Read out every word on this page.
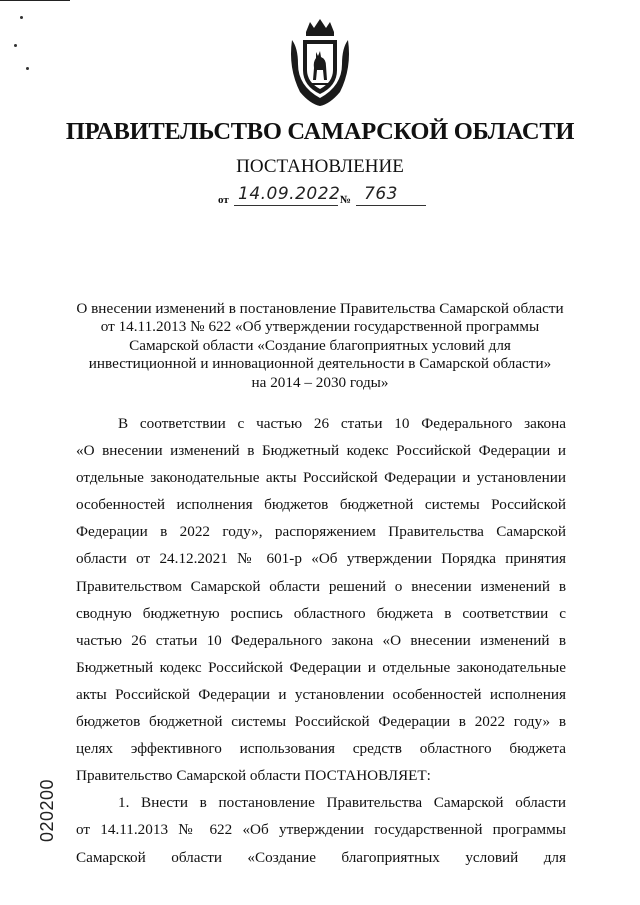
ПРАВИТЕЛЬСТВО САМАРСКОЙ ОБЛАСТИ
ПОСТАНОВЛЕНИЕ
от 14.09.2022 № 763
О внесении изменений в постановление Правительства Самарской области
от 14.11.2013 № 622 «Об утверждении государственной программы
Самарской области «Создание благоприятных условий для
инвестиционной и инновационной деятельности в Самарской области»
на 2014 – 2030 годы»
В соответствии с частью 26 статьи 10 Федерального закона
«О внесении изменений в Бюджетный кодекс Российской Федерации и
отдельные законодательные акты Российской Федерации и установлении
особенностей исполнения бюджетов бюджетной системы Российской
Федерации в 2022 году», распоряжением Правительства Самарской
области от 24.12.2021 № 601-р «Об утверждении Порядка принятия
Правительством Самарской области решений о внесении изменений в
сводную бюджетную роспись областного бюджета в соответствии с
частью 26 статьи 10 Федерального закона «О внесении изменений в
Бюджетный кодекс Российской Федерации и отдельные законодательные
акты Российской Федерации и установлении особенностей исполнения
бюджетов бюджетной системы Российской Федерации в 2022 году» в
целях эффективного использования средств областного бюджета
Правительство Самарской области ПОСТАНОВЛЯЕТ:
1. Внести в постановление Правительства Самарской области
от 14.11.2013 № 622 «Об утверждении государственной программы
Самарской области «Создание благоприятных условий для
020200
